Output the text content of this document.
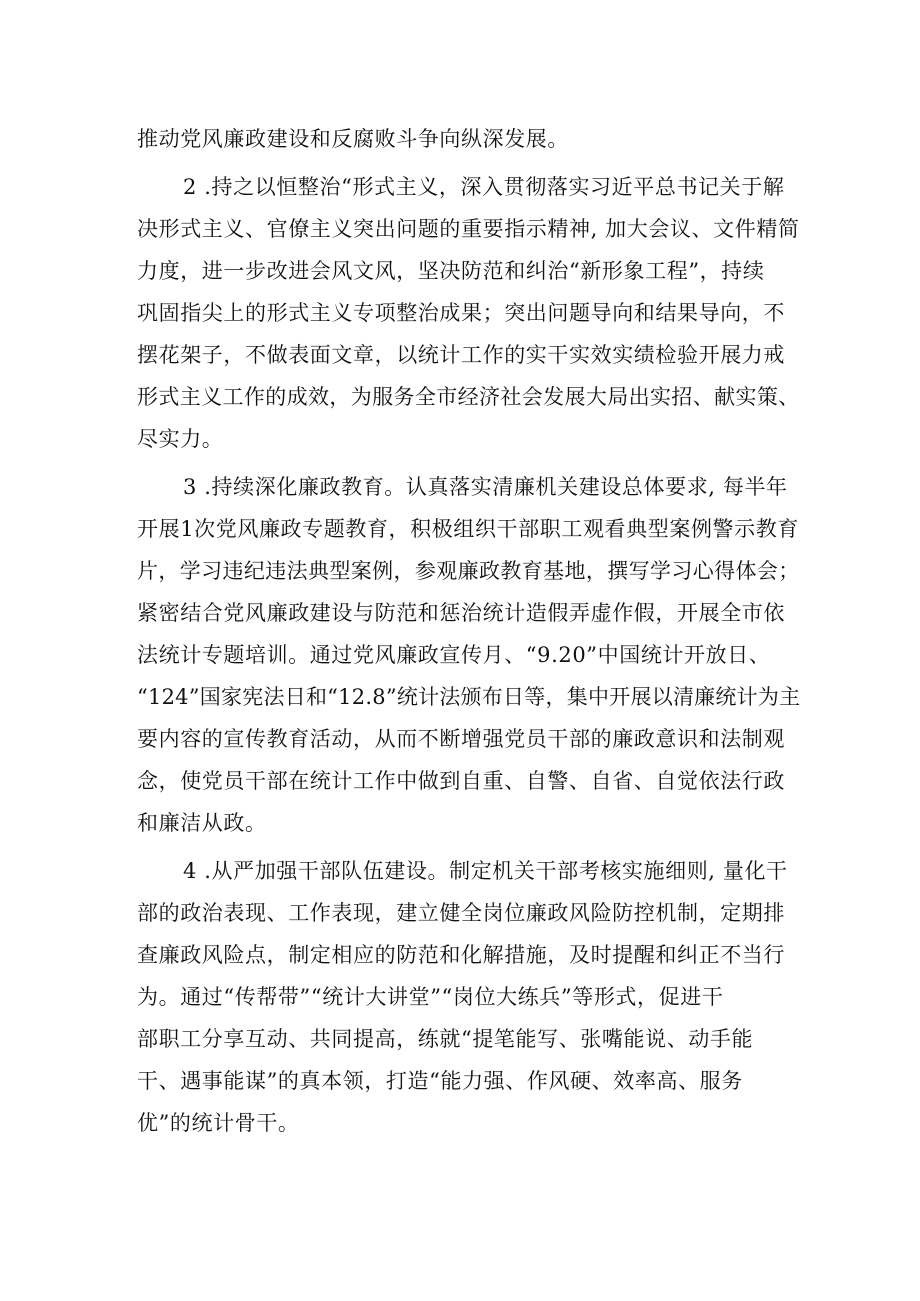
推动党风廉政建设和反腐败斗争向纵深发展。
2 .持之以恒整治“形式主义，深入贯彻落实习近平总书记关于解
决形式主义、官僚主义突出问题的重要指示精神, 加大会议、文件精简
力度，进一步改进会风文风，坚决防范和纠治“新形象工程”，持续
巩固指尖上的形式主义专项整治成果；突出问题导向和结果导向，不
摆花架子，不做表面文章，以统计工作的实干实效实绩检验开展力戒
形式主义工作的成效，为服务全市经济社会发展大局出实招、献实策、
尽实力。
3 .持续深化廉政教育。认真落实清廉机关建设总体要求, 每半年
开展1次党风廉政专题教育，积极组织干部职工观看典型案例警示教育
片，学习违纪违法典型案例，参观廉政教育基地，撰写学习心得体会；
紧密结合党风廉政建设与防范和惩治统计造假弄虚作假，开展全市依
法统计专题培训。通过党风廉政宣传月、“9.20”中国统计开放日、
“124”国家宪法日和“12.8”统计法颁布日等，集中开展以清廉统计为主
要内容的宣传教育活动，从而不断增强党员干部的廉政意识和法制观
念，使党员干部在统计工作中做到自重、自警、自省、自觉依法行政
和廉洁从政。
4 .从严加强干部队伍建设。制定机关干部考核实施细则, 量化干
部的政治表现、工作表现，建立健全岗位廉政风险防控机制，定期排
查廉政风险点，制定相应的防范和化解措施，及时提醒和纠正不当行
为。通过“传帮带”“统计大讲堂”“岗位大练兵”等形式，促进干
部职工分享互动、共同提高，练就“提笔能写、张嘴能说、动手能
干、遇事能谋”的真本领，打造“能力强、作风硬、效率高、服务
优”的统计骨干。
